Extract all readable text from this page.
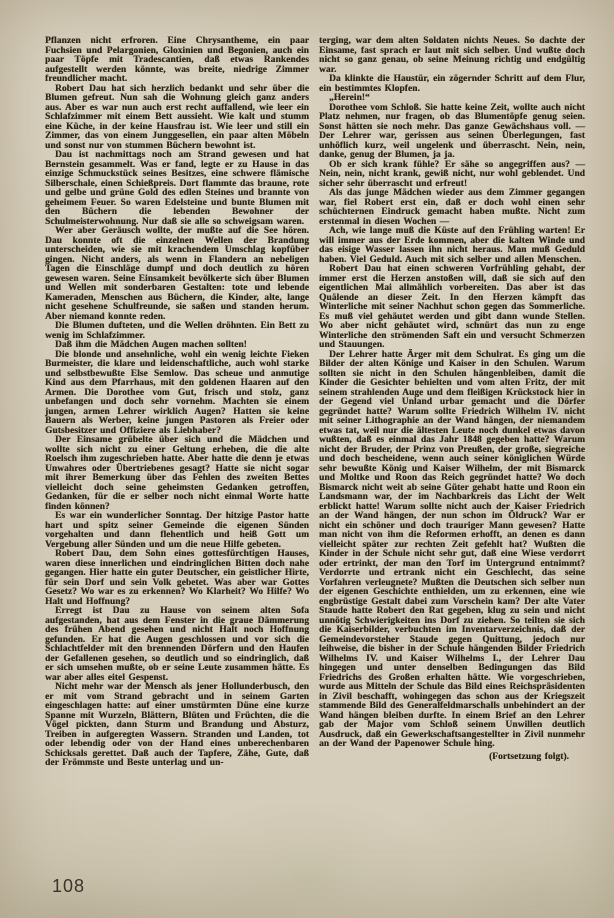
Pflanzen nicht erfroren. Eine Chrysantheme, ein paar Fuchsien und Pelargonien, Gloxinien und Begonien, auch ein paar Töpfe mit Tradescantien, daß etwas Rankendes aufgestellt werden könnte, was breite, niedrige Zimmer freundlicher macht.

Robert Dau hat sich herzlich bedankt und sehr über die Blumen gefreut. Nun sah die Wohnung gleich ganz anders aus. Aber es war nun auch erst recht auffallend, wie leer ein Schlafzimmer mit einem Bett aussieht. Wie kalt und stumm eine Küche, in der keine Hausfrau ist. Wie leer und still ein Zimmer, das von einem Junggesellen, ein paar alten Möbeln und sonst nur von stummen Büchern bewohnt ist.

Dau ist nachmittags noch am Strand gewesen und hat Bernstein gesammelt. Was er fand, legte er zu Hause in das einzige Schmuckstück seines Besitzes, eine schwere flämische Silberschale, einen Schießpreis. Dort flammte das braune, rote und gelbe und grüne Gold des edlen Steines und brannte von geheimem Feuer. So waren Edelsteine und bunte Blumen mit den Büchern die lebenden Bewohner der Schulmeisterwohnung. Nur daß sie alle so schweigsam waren.

Wer aber Geräusch wollte, der mußte auf die See hören. Dau konnte oft die einzelnen Wellen der Brandung unterscheiden, wie sie mit krachendem Umschlag kopfüber gingen. Nicht anders, als wenn in Flandern an nebeligen Tagen die Einschläge dumpf und doch deutlich zu hören gewesen waren. Seine Einsamkeit bevölkerte sich über Blumen und Wellen mit sonderbaren Gestalten: tote und lebende Kameraden, Menschen aus Büchern, die Kinder, alte, lange nicht gesehene Schulfreunde, sie saßen und standen herum. Aber niemand konnte reden.

Die Blumen dufteten, und die Wellen dröhnten. Ein Bett zu wenig im Schlafzimmer.

Daß ihm die Mädchen Augen machen sollten!

Die blonde und ansehnliche, wohl ein wenig leichte Fieken Burmeister, die klare und leidenschaftliche, auch wohl starke und selbstbewußte Else Semlow. Das scheue und anmutige Kind aus dem Pfarrhaus, mit den goldenen Haaren auf den Armen. Die Dorothee vom Gut, frisch und stolz, ganz unbefangen und doch sehr vornehm. Machten sie einem jungen, armen Lehrer wirklich Augen? Hatten sie keine Bauern als Werber, keine jungen Pastoren als Freier oder Gutsbesitzer und Offiziere als Liebhaber?

Der Einsame grübelte über sich und die Mädchen und wollte sich nicht zu einer Geltung erheben, die die alte Roelsch ihm zugeschrieben hatte. Aber hatte die denn je etwas Unwahres oder Übertriebenes gesagt? Hatte sie nicht sogar mit ihrer Bemerkung über das Fehlen des zweiten Bettes vielleicht doch seine geheimsten Gedanken getroffen, Gedanken, für die er selber noch nicht einmal Worte hatte finden können?

Es war ein wunderlicher Sonntag. Der hitzige Pastor hatte hart und spitz seiner Gemeinde die eigenen Sünden vorgehalten und dann flehentlich und heiß Gott um Vergebung aller Sünden und um die neue Hilfe gebeten.

Robert Dau, dem Sohn eines gottesfürchtigen Hauses, waren diese innerlichen und eindringlichen Bitten doch nahe gegangen. Hier hatte ein guter Deutscher, ein geistlicher Hirte, für sein Dorf und sein Volk gebetet. Was aber war Gottes Gesetz? Wo war es zu erkennen? Wo Klarheit? Wo Hilfe? Wo Halt und Hoffnung?

Erregt ist Dau zu Hause von seinem alten Sofa aufgestanden, hat aus dem Fenster in die graue Dämmerung des frühen Abend gesehen und nicht Halt noch Hoffnung gefunden. Er hat die Augen geschlossen und vor sich die Schlachtfelder mit den brennenden Dörfern und den Haufen der Gefallenen gesehen, so deutlich und so eindringlich, daß er sich umsehen mußte, ob er seine Leute zusammen hätte. Es war aber alles eitel Gespenst.

Nicht mehr war der Mensch als jener Hollunderbusch, den er mit vom Strand gebracht und in seinem Garten eingeschlagen hatte: auf einer umstürmten Düne eine kurze Spanne mit Wurzeln, Blättern, Blüten und Früchten, die die Vögel pickten, dann Sturm und Brandung und Absturz, Treiben in aufgeregten Wassern. Stranden und Landen, tot oder lebendig oder von der Hand eines unberechenbaren Schicksals gerettet. Daß auch der Tapfere, Zähe, Gute, daß der Frömmste und Beste unterlag und un-

terging, war dem alten Soldaten nichts Neues. So dachte der Einsame, fast sprach er laut mit sich selber. Und wußte doch nicht so ganz genau, ob seine Meinung richtig und endgültig war.

Da klinkte die Haustür, ein zögernder Schritt auf dem Flur, ein bestimmtes Klopfen.

„Herein!“

Dorothee vom Schloß. Sie hatte keine Zeit, wollte auch nicht Platz nehmen, nur fragen, ob das Blumentöpfe genug seien. Sonst hätten sie noch mehr. Das ganze Gewächshaus voll. — Der Lehrer war, gerissen aus seinen Überlegungen, fast unhöflich kurz, weil ungelenk und überrascht. Nein, nein, danke, genug der Blumen, ja ja.

Ob er sich krank fühle? Er sähe so angegriffen aus? — Nein, nein, nicht krank, gewiß nicht, nur wohl geblendet. Und sicher sehr überrascht und erfreut!

Als das junge Mädchen wieder aus dem Zimmer gegangen war, fiel Robert erst ein, daß er doch wohl einen sehr schüchternen Eindruck gemacht haben mußte. Nicht zum erstenmal in diesen Wochen —

Ach, wie lange muß die Küste auf den Frühling warten! Er will immer aus der Erde kommen, aber die kalten Winde und das eisige Wasser lassen ihn nicht heraus. Man muß Geduld haben. Viel Geduld. Auch mit sich selber und allen Menschen.

Robert Dau hat einen schweren Vorfrühling gehabt, der immer erst die Herzen anstoßen will, daß sie sich auf den eigentlichen Mai allmählich vorbereiten. Das aber ist das Quälende an dieser Zeit. In den Herzen kämpft das Winterliche mit seiner Nachhut schon gegen das Sommerliche. Es muß viel gehäutet werden und gibt dann wunde Stellen. Wo aber nicht gehäutet wird, schnürt das nun zu enge Winterliche den strömenden Saft ein und versucht Schmerzen und Stauungen.

Der Lehrer hatte Ärger mit dem Schulrat. Es ging um die Bilder der alten Könige und Kaiser in den Schulen. Warum sollten sie nicht in den Schulen hängenbleiben, damit die Kinder die Gesichter behielten und vom alten Fritz, der mit seinem strahlenden Auge und dem fleißigen Krückstock hier in der Gegend viel Unland urbar gemacht und die Dörfer gegründet hatte? Warum sollte Friedrich Wilhelm IV. nicht mit seiner Lithographie an der Wand hängen, der niemandem etwas tat, weil nur die ältesten Leute noch dunkel etwas davon wußten, daß es einmal das Jahr 1848 gegeben hatte? Warum nicht der Bruder, der Prinz von Preußen, der große, siegreiche und doch bescheidene, wenn auch seiner königlichen Würde sehr bewußte König und Kaiser Wilhelm, der mit Bismarck und Moltke und Roon das Reich gegründet hatte? Wo doch Bismarck nicht weit ab seine Güter gehabt hatte und Roon ein Landsmann war, der im Nachbarkreis das Licht der Welt erblickt hatte! Warum sollte nicht auch der Kaiser Friedrich an der Wand hängen, der nun schon im Öldruck? War er nicht ein schöner und doch trauriger Mann gewesen? Hatte man nicht von ihm die Reformen erhofft, an denen es dann vielleicht später zur rechten Zeit gefehlt hat? Wußten die Kinder in der Schule nicht sehr gut, daß eine Wiese verdorrt oder ertrinkt, der man den Torf im Untergrund entnimmt? Verdorrte und ertrank nicht ein Geschlecht, das seine Vorfahren verleugnete? Mußten die Deutschen sich selber nun der eigenen Geschichte enthielden, um zu erkennen, eine wie engbrüstige Gestalt dabei zum Vorschein kam? Der alte Vater Staude hatte Robert den Rat gegeben, klug zu sein und nicht unnötig Schwierigkeiten ins Dorf zu ziehen. So teilten sie sich die Kaiserbilder, verbuchten im Inventarverzeichnis, daß der Gemeindevorsteher Staude gegen Quittung, jedoch nur leihweise, die bisher in der Schule hängenden Bilder Friedrich Wilhelms IV. und Kaiser Wilhelms I., der Lehrer Dau hingegen und unter denselben Bedingungen das Bild Friedrichs des Großen erhalten hätte. Wie vorgeschrieben, wurde aus Mitteln der Schule das Bild eines Reichspräsidenten in Zivil beschafft, wohingegen das schon aus der Kriegszeit stammende Bild des Generalfeldmarschalls unbehindert an der Wand hängen bleiben durfte. In einem Brief an den Lehrer gab der Major vom Schloß seinem Unwillen deutlich Ausdruck, daß ein Gewerkschaftsangestellter in Zivil nunmehr an der Wand der Papenower Schule hing.

(Fortsetzung folgt).

108
